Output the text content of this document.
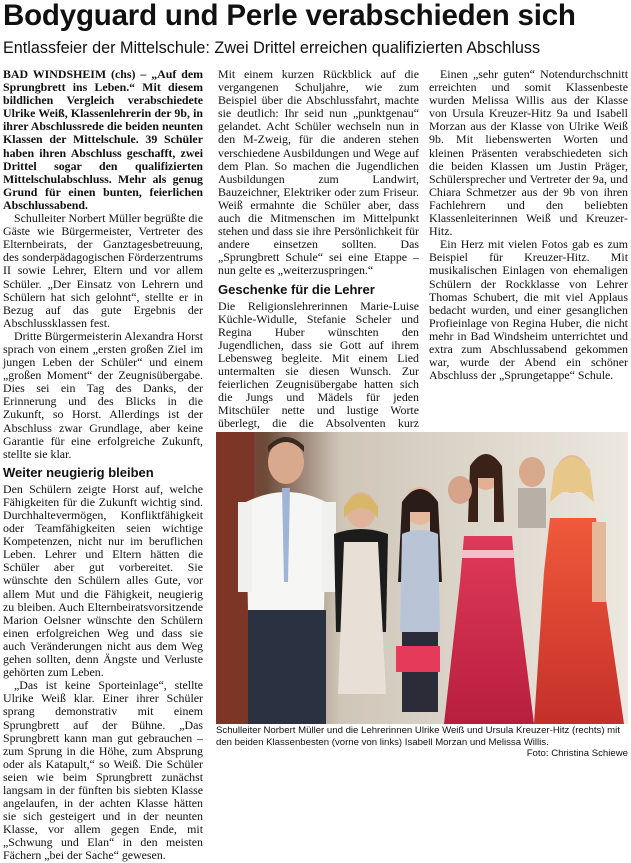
Bodyguard und Perle verabschieden sich
Entlassfeier der Mittelschule: Zwei Drittel erreichen qualifizierten Abschluss

BAD WINDSHEIM (chs) – „Auf dem Sprungbrett ins Leben.“ Mit diesem bildlichen Vergleich verabschiedete Ulrike Weiß, Klassenlehrerin der 9b, in ihrer Abschlussrede die beiden neunten Klassen der Mittelschule. 39 Schüler haben ihren Abschluss geschafft, zwei Drittel sogar den qualifizierten Mittelschulabschluss. Mehr als genug Grund für einen bunten, feierlichen Abschlussabend.

Schulleiter Norbert Müller begrüßte die Gäste wie Bürgermeister, Vertreter des Elternbeirats, der Ganztagesbetreuung, des sonderpädagogischen Förderzentrums II sowie Lehrer, Eltern und vor allem Schüler. „Der Einsatz von Lehrern und Schülern hat sich gelohnt“, stellte er in Bezug auf das gute Ergebnis der Abschlussklassen fest.

Dritte Bürgermeisterin Alexandra Horst sprach von einem „ersten großen Ziel im jungen Leben der Schüler“ und einem „großen Moment“ der Zeugnisübergabe. Dies sei ein Tag des Danks, der Erinnerung und des Blicks in die Zukunft, so Horst. Allerdings ist der Abschluss zwar Grundlage, aber keine Garantie für eine erfolgreiche Zukunft, stellte sie klar.

Weiter neugierig bleiben

Den Schülern zeigte Horst auf, welche Fähigkeiten für die Zukunft wichtig sind. Durchhaltevermögen, Konfliktfähigkeit oder Teamfähigkeiten seien wichtige Kompetenzen, nicht nur im beruflichen Leben. Lehrer und Eltern hätten die Schüler aber gut vorbereitet. Sie wünschte den Schülern alles Gute, vor allem Mut und die Fähigkeit, neugierig zu bleiben. Auch Elternbeiratsvorsitzende Marion Oelsner wünschte den Schülern einen erfolgreichen Weg und dass sie auch Veränderungen nicht aus dem Weg gehen sollten, denn Ängste und Verluste gehörten zum Leben.

„Das ist keine Sporteinlage“, stellte Ulrike Weiß klar. Einer ihrer Schüler sprang demonstrativ mit einem Sprungbrett auf der Bühne. „Das Sprungbrett kann man gut gebrauchen – zum Sprung in die Höhe, zum Absprung oder als Katapult,“ so Weiß. Die Schüler seien wie beim Sprungbrett zunächst langsam in der fünften bis siebten Klasse angelaufen, in der achten Klasse hätten sie sich gesteigert und in der neunten Klasse, vor allem gegen Ende, mit „Schwung und Elan“ in den meisten Fächern „bei der Sache“ gewesen.

Mit einem kurzen Rückblick auf die vergangenen Schuljahre, wie zum Beispiel über die Abschlussfahrt, machte sie deutlich: Ihr seid nun „punktgenau“ gelandet. Acht Schüler wechseln nun in den M-Zweig, für die anderen stehen verschiedene Ausbildungen und Wege auf dem Plan. So machen die Jugendlichen Ausbildungen zum Landwirt, Bauzeichner, Elektriker oder zum Friseur. Weiß ermahnte die Schüler aber, dass auch die Mitmenschen im Mittelpunkt stehen und dass sie ihre Persönlichkeit für andere einsetzen sollten. Das „Sprungbrett Schule“ sei eine Etappe – nun gelte es „weiterzuspringen.“

Geschenke für die Lehrer

Die Religionslehrerinnen Marie-Luise Küchle-Widulle, Stefanie Scheler und Regina Huber wünschten den Jugendlichen, dass sie Gott auf ihrem Lebensweg begleite. Mit einem Lied untermalten sie diesen Wunsch. Zur feierlichen Zeugnisübergabe hatten sich die Jungs und Mädels für jeden Mitschüler nette und lustige Worte überlegt, die die Absolventen kurz

Einen „sehr guten“ Notendurchschnitt erreichten und somit Klassenbeste wurden Melissa Willis aus der Klasse von Ursula Kreuzer-Hitz 9a und Isabell Morzan aus der Klasse von Ulrike Weiß 9b. Mit liebenswerten Worten und kleinen Präsenten verabschiedeten sich die beiden Klassen um Justin Präger, Schülersprecher und Vertreter der 9a, und Chiara Schmetzer aus der 9b von ihren Fachlehrern und den beliebten Klassenleiterinnen Weiß und Kreuzer-Hitz.

Ein Herz mit vielen Fotos gab es zum Beispiel für Kreuzer-Hitz. Mit musikalischen Einlagen von ehemaligen Schülern der Rockklasse von Lehrer Thomas Schubert, die mit viel Applaus bedacht wurden, und einer gesanglichen Profieinlage von Regina Huber, die nicht mehr in Bad Windsheim unterrichtet und extra zum Abschlussabend gekommen war, wurde der Abend ein schöner Abschluss der „Sprungetappe“ Schule.

Schulleiter Norbert Müller und die Lehrerinnen Ulrike Weiß und Ursula Kreuzer-Hitz (rechts) mit den beiden Klassenbesten (vorne von links) Isabell Morzan und Melissa Willis.
Foto: Christina Schiewe
